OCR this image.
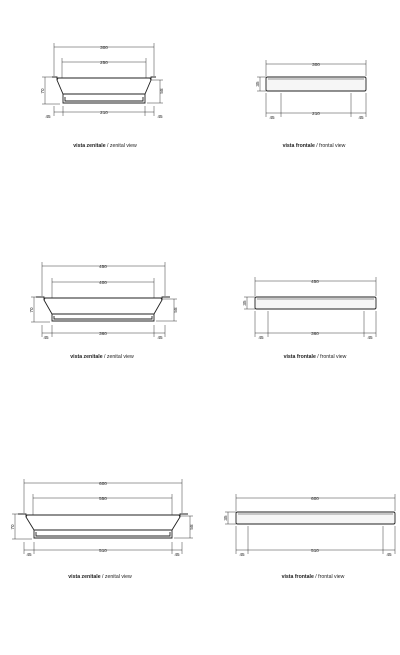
300
250
70	58
45
210
45
vista zenitale / zenital view
300
35
45
210
45
vista frontale / frontal view
450
400
70	58
45
360
45
vista zenitale / zenital view
450
35
45
360
45
vista frontale / frontal view
600
550
70	58
45
510
45
vista zenitale / zenital view
600
35
45
510
45
vista frontale / frontal view
